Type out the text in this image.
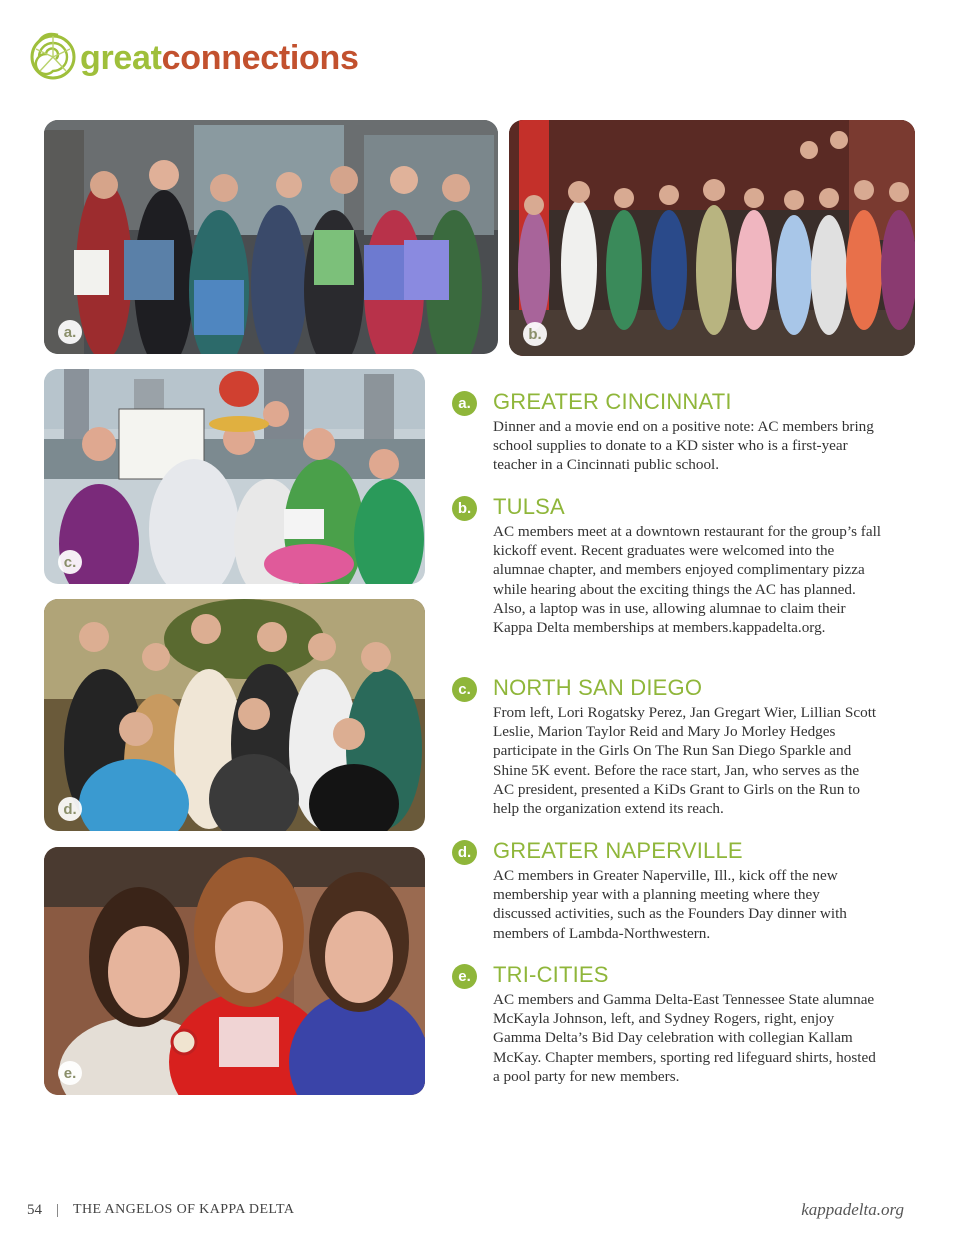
greatconnections
a.	b.
c.
d.
e.
a. GREATER CINCINNATI
Dinner and a movie end on a positive note: AC members bring school supplies to donate to a KD sister who is a first-year teacher in a Cincinnati public school.
b. TULSA
AC members meet at a downtown restaurant for the group’s fall kickoff event. Recent graduates were welcomed into the alumnae chapter, and members enjoyed complimentary pizza while hearing about the exciting things the AC has planned. Also, a laptop was in use, allowing alumnae to claim their Kappa Delta memberships at members.kappadelta.org.
c. NORTH SAN DIEGO
From left, Lori Rogatsky Perez, Jan Gregart Wier, Lillian Scott Leslie, Marion Taylor Reid and Mary Jo Morley Hedges participate in the Girls On The Run San Diego Sparkle and Shine 5K event. Before the race start, Jan, who serves as the AC president, presented a KiDs Grant to Girls on the Run to help the organization extend its reach.
d. GREATER NAPERVILLE
AC members in Greater Naperville, Ill., kick off the new membership year with a planning meeting where they discussed activities, such as the Founders Day dinner with members of Lambda-Northwestern.
e. TRI-CITIES
AC members and Gamma Delta-East Tennessee State alumnae McKayla Johnson, left, and Sydney Rogers, right, enjoy Gamma Delta’s Bid Day celebration with collegian Kallam McKay. Chapter members, sporting red lifeguard shirts, hosted a pool party for new members.
54 | THE ANGELOS OF KAPPA DELTA	kappadelta.org
